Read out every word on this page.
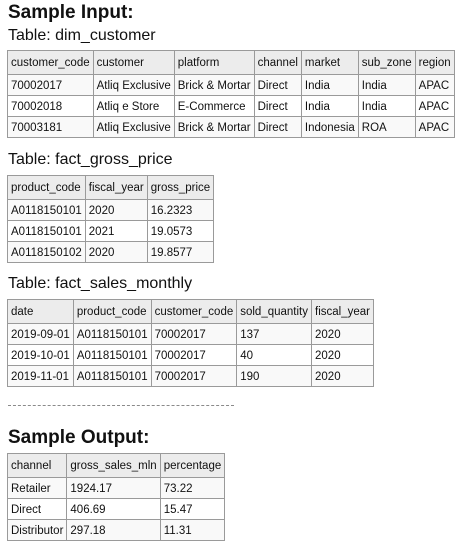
Sample Input:
Table: dim_customer
customer_code	customer	platform	channel	market	sub_zone	region
70002017	Atliq Exclusive	Brick & Mortar	Direct	India	India	APAC
70002018	Atliq e Store	E-Commerce	Direct	India	India	APAC
70003181	Atliq Exclusive	Brick & Mortar	Direct	Indonesia	ROA	APAC
Table: fact_gross_price
product_code	fiscal_year	gross_price
A0118150101	2020	16.2323
A0118150101	2021	19.0573
A0118150102	2020	19.8577
Table: fact_sales_monthly
date	product_code	customer_code	sold_quantity	fiscal_year
2019-09-01	A0118150101	70002017	137	2020
2019-10-01	A0118150101	70002017	40	2020
2019-11-01	A0118150101	70002017	190	2020
Sample Output:
channel	gross_sales_mln	percentage
Retailer	1924.17	73.22
Direct	406.69	15.47
Distributor	297.18	11.31
